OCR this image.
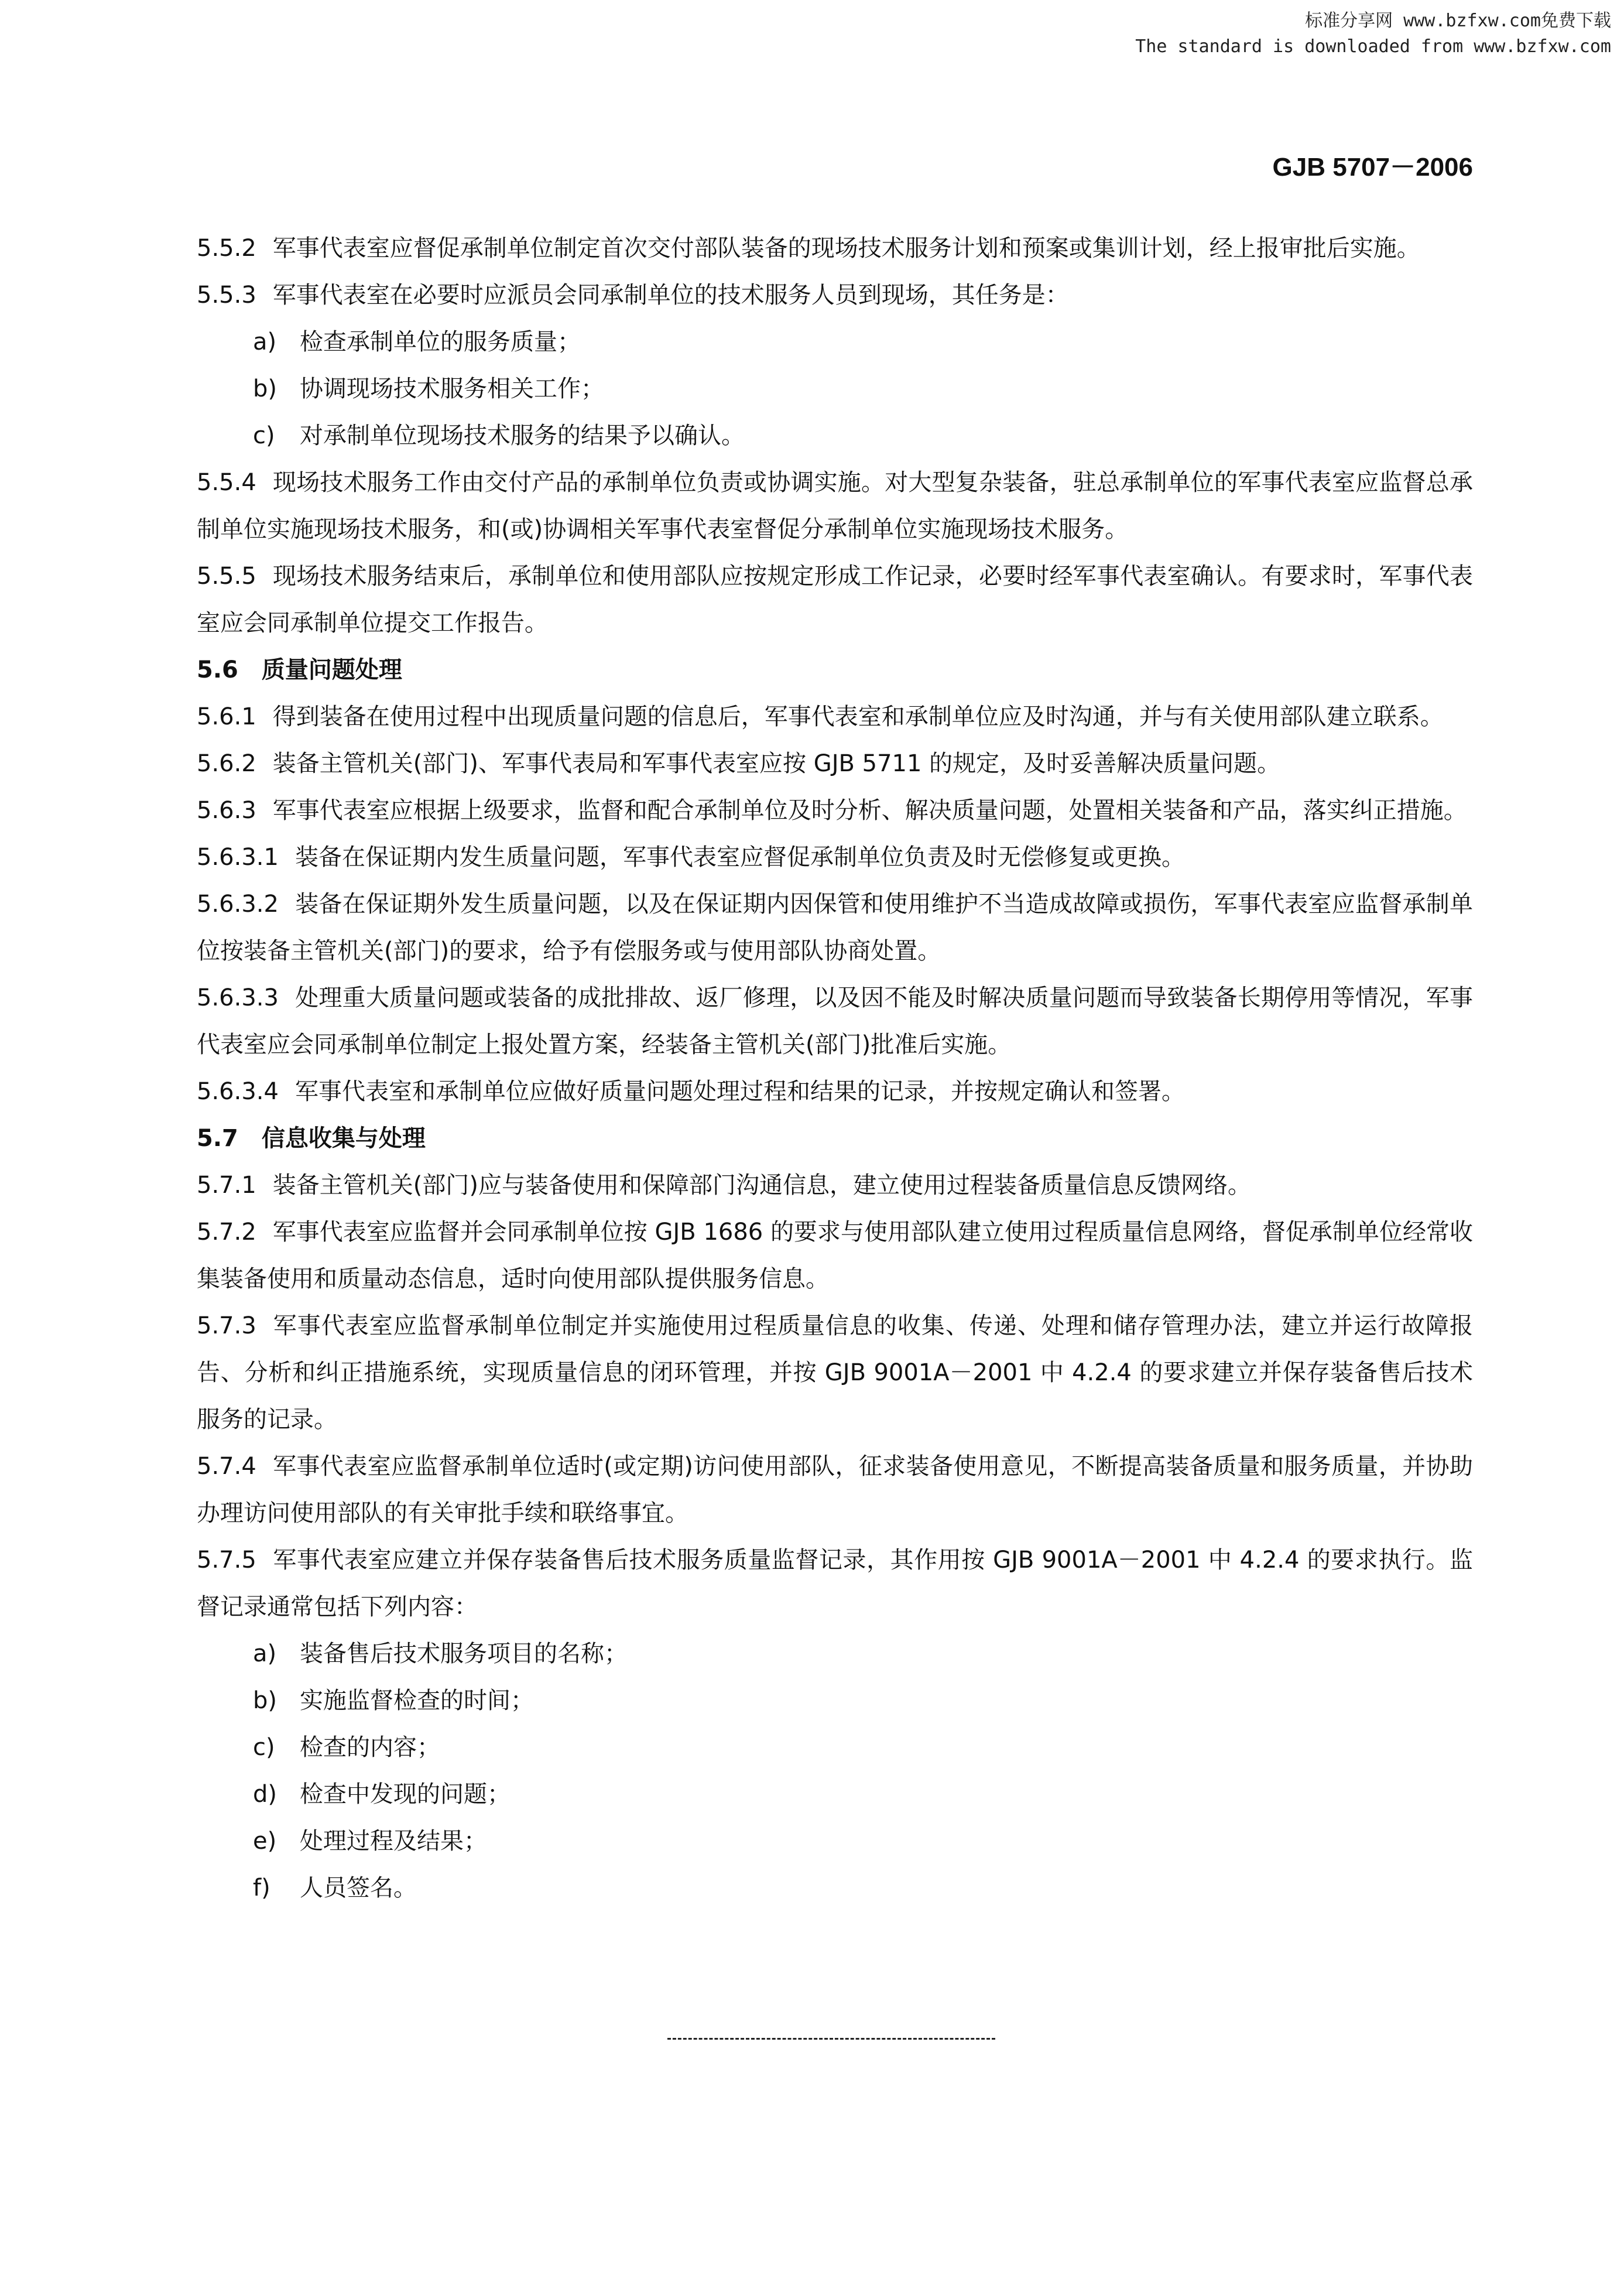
标准分享网 www.bzfxw.com免费下载
The standard is downloaded from www.bzfxw.com
GJB 5707－2006

5.5.2 军事代表室应督促承制单位制定首次交付部队装备的现场技术服务计划和预案或集训计划，经上报审批后实施。

5.5.3 军事代表室在必要时应派员会同承制单位的技术服务人员到现场，其任务是：

a) 检查承制单位的服务质量；

b) 协调现场技术服务相关工作；

c) 对承制单位现场技术服务的结果予以确认。

5.5.4 现场技术服务工作由交付产品的承制单位负责或协调实施。对大型复杂装备，驻总承制单位的军事代表室应监督总承制单位实施现场技术服务，和(或)协调相关军事代表室督促分承制单位实施现场技术服务。

5.5.5 现场技术服务结束后，承制单位和使用部队应按规定形成工作记录，必要时经军事代表室确认。有要求时，军事代表室应会同承制单位提交工作报告。

5.6 质量问题处理

5.6.1 得到装备在使用过程中出现质量问题的信息后，军事代表室和承制单位应及时沟通，并与有关使用部队建立联系。

5.6.2 装备主管机关(部门)、军事代表局和军事代表室应按 GJB 5711 的规定，及时妥善解决质量问题。

5.6.3 军事代表室应根据上级要求，监督和配合承制单位及时分析、解决质量问题，处置相关装备和产品，落实纠正措施。

5.6.3.1 装备在保证期内发生质量问题，军事代表室应督促承制单位负责及时无偿修复或更换。

5.6.3.2 装备在保证期外发生质量问题，以及在保证期内因保管和使用维护不当造成故障或损伤，军事代表室应监督承制单位按装备主管机关(部门)的要求，给予有偿服务或与使用部队协商处置。

5.6.3.3 处理重大质量问题或装备的成批排故、返厂修理，以及因不能及时解决质量问题而导致装备长期停用等情况，军事代表室应会同承制单位制定上报处置方案，经装备主管机关(部门)批准后实施。

5.6.3.4 军事代表室和承制单位应做好质量问题处理过程和结果的记录，并按规定确认和签署。

5.7 信息收集与处理

5.7.1 装备主管机关(部门)应与装备使用和保障部门沟通信息，建立使用过程装备质量信息反馈网络。

5.7.2 军事代表室应监督并会同承制单位按 GJB 1686 的要求与使用部队建立使用过程质量信息网络，督促承制单位经常收集装备使用和质量动态信息，适时向使用部队提供服务信息。

5.7.3 军事代表室应监督承制单位制定并实施使用过程质量信息的收集、传递、处理和储存管理办法，建立并运行故障报告、分析和纠正措施系统，实现质量信息的闭环管理，并按 GJB 9001A－2001 中 4.2.4 的要求建立并保存装备售后技术服务的记录。

5.7.4 军事代表室应监督承制单位适时(或定期)访问使用部队，征求装备使用意见，不断提高装备质量和服务质量，并协助办理访问使用部队的有关审批手续和联络事宜。

5.7.5 军事代表室应建立并保存装备售后技术服务质量监督记录，其作用按 GJB 9001A－2001 中 4.2.4 的要求执行。监督记录通常包括下列内容：

a) 装备售后技术服务项目的名称；

b) 实施监督检查的时间；

c) 检查的内容；

d) 检查中发现的问题；

e) 处理过程及结果；

f) 人员签名。
